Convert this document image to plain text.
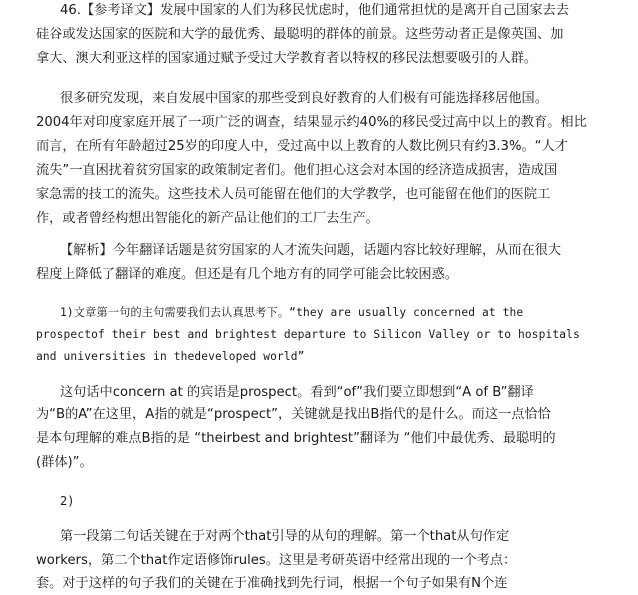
46.【参考译文】发展中国家的人们为移民忧虑时，他们通常担忧的是离开自己国家去去
硅谷或发达国家的医院和大学的最优秀、最聪明的群体的前景。这些劳动者正是像英国、加
拿大、澳大利亚这样的国家通过赋予受过大学教育者以特权的移民法想要吸引的人群。
很多研究发现，来自发展中国家的那些受到良好教育的人们极有可能选择移居他国。
2004年对印度家庭开展了一项广泛的调查，结果显示约40%的移民受过高中以上的教育。相比
而言，在所有年龄超过25岁的印度人中，受过高中以上教育的人数比例只有约3.3%。“人才
流失”一直困扰着贫穷国家的政策制定者们。他们担心这会对本国的经济造成损害，造成国
家急需的技工的流失。这些技术人员可能留在他们的大学教学，也可能留在他们的医院工
作，或者曾经构想出智能化的新产品让他们的工厂去生产。
【解析】今年翻译话题是贫穷国家的人才流失问题，话题内容比较好理解，从而在很大
程度上降低了翻译的难度。但还是有几个地方有的同学可能会比较困惑。
1)文章第一句的主句需要我们去认真思考下。“they are usually concerned at the
prospectof their best and brightest departure to Silicon Valley or to hospitals
and universities in thedeveloped world”
这句话中concern at 的宾语是prospect。看到“of”我们要立即想到“A of B”翻译
为“B的A”在这里，A指的就是“prospect”，关键就是找出B指代的是什么。而这一点恰恰
是本句理解的难点B指的是 “theirbest and brightest”翻译为 “他们中最优秀、最聪明的
(群体)”。
2)
第一段第二句话关键在于对两个that引导的从句的理解。第一个that从句作定
workers，第二个that作定语修饰rules。这里是考研英语中经常出现的一个考点：
套。对于这样的句子我们的关键在于准确找到先行词，根据一个句子如果有N个连
